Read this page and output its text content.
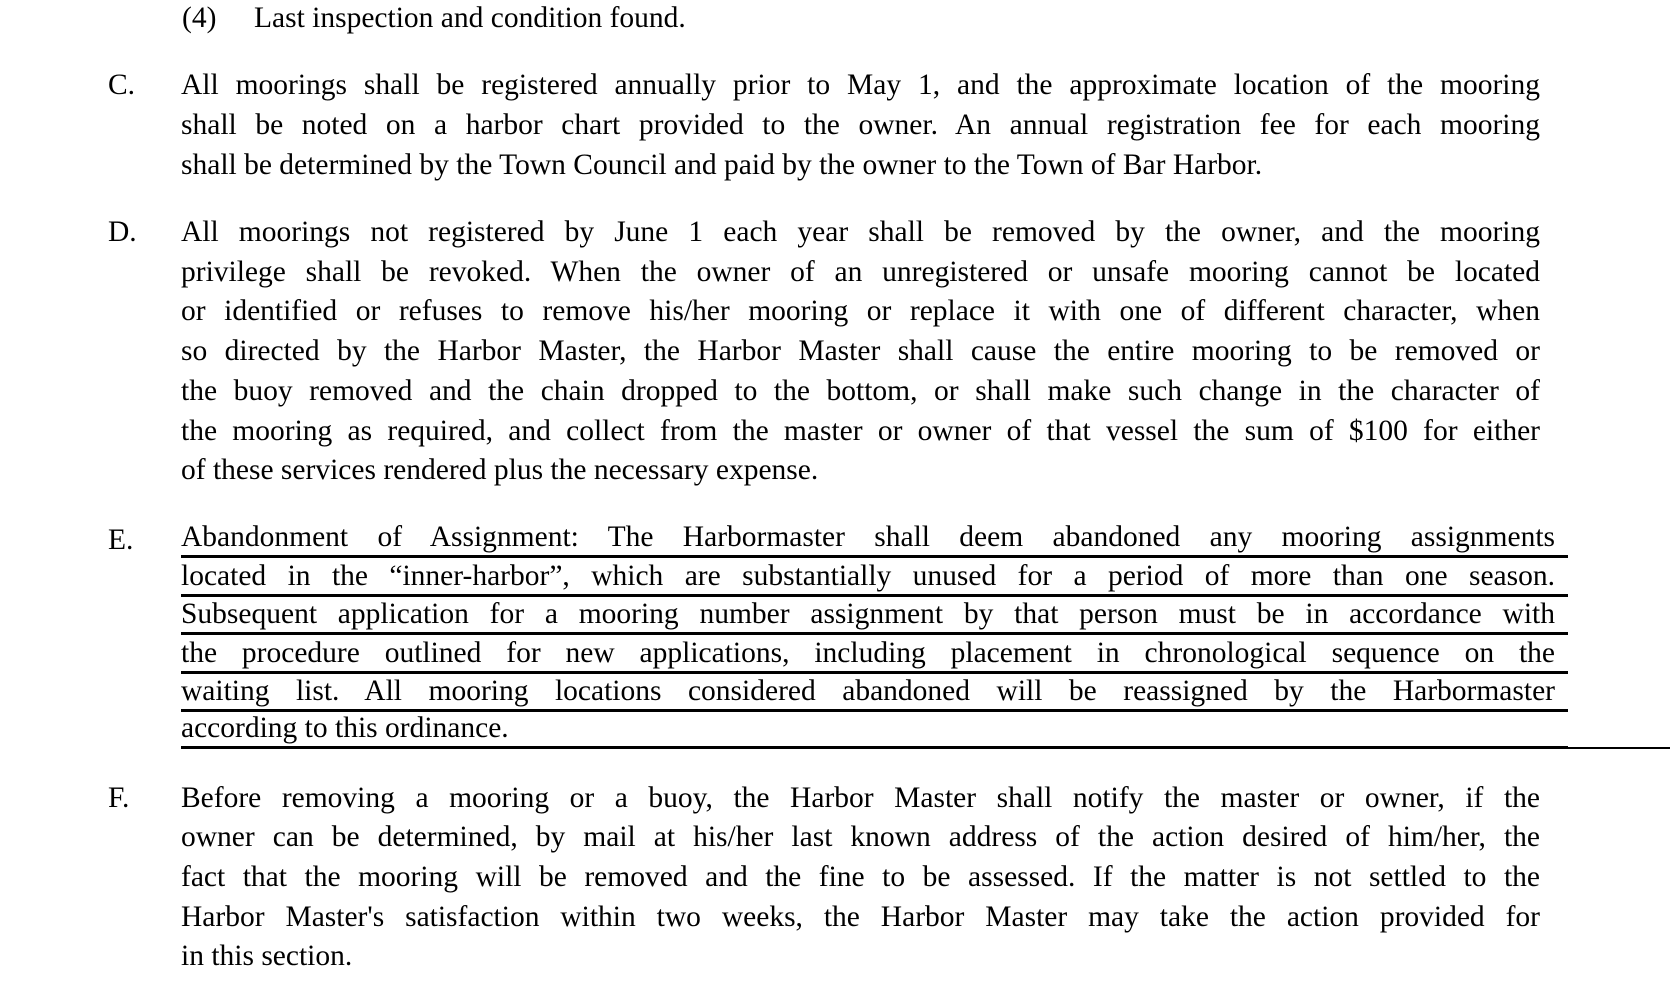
(4) Last inspection and condition found.
C. All moorings shall be registered annually prior to May 1, and the approximate location of the mooring
shall be noted on a harbor chart provided to the owner. An annual registration fee for each mooring
shall be determined by the Town Council and paid by the owner to the Town of Bar Harbor.
D. All moorings not registered by June 1 each year shall be removed by the owner, and the mooring
privilege shall be revoked. When the owner of an unregistered or unsafe mooring cannot be located
or identified or refuses to remove his/her mooring or replace it with one of different character, when
so directed by the Harbor Master, the Harbor Master shall cause the entire mooring to be removed or
the buoy removed and the chain dropped to the bottom, or shall make such change in the character of
the mooring as required, and collect from the master or owner of that vessel the sum of $100 for either
of these services rendered plus the necessary expense.
E. Abandonment of Assignment: The Harbormaster shall deem abandoned any mooring assignments
located in the “inner-harbor”, which are substantially unused for a period of more than one season.
Subsequent application for a mooring number assignment by that person must be in accordance with
the procedure outlined for new applications, including placement in chronological sequence on the
waiting list. All mooring locations considered abandoned will be reassigned by the Harbormaster
according to this ordinance.
F. Before removing a mooring or a buoy, the Harbor Master shall notify the master or owner, if the
owner can be determined, by mail at his/her last known address of the action desired of him/her, the
fact that the mooring will be removed and the fine to be assessed. If the matter is not settled to the
Harbor Master's satisfaction within two weeks, the Harbor Master may take the action provided for
in this section.
